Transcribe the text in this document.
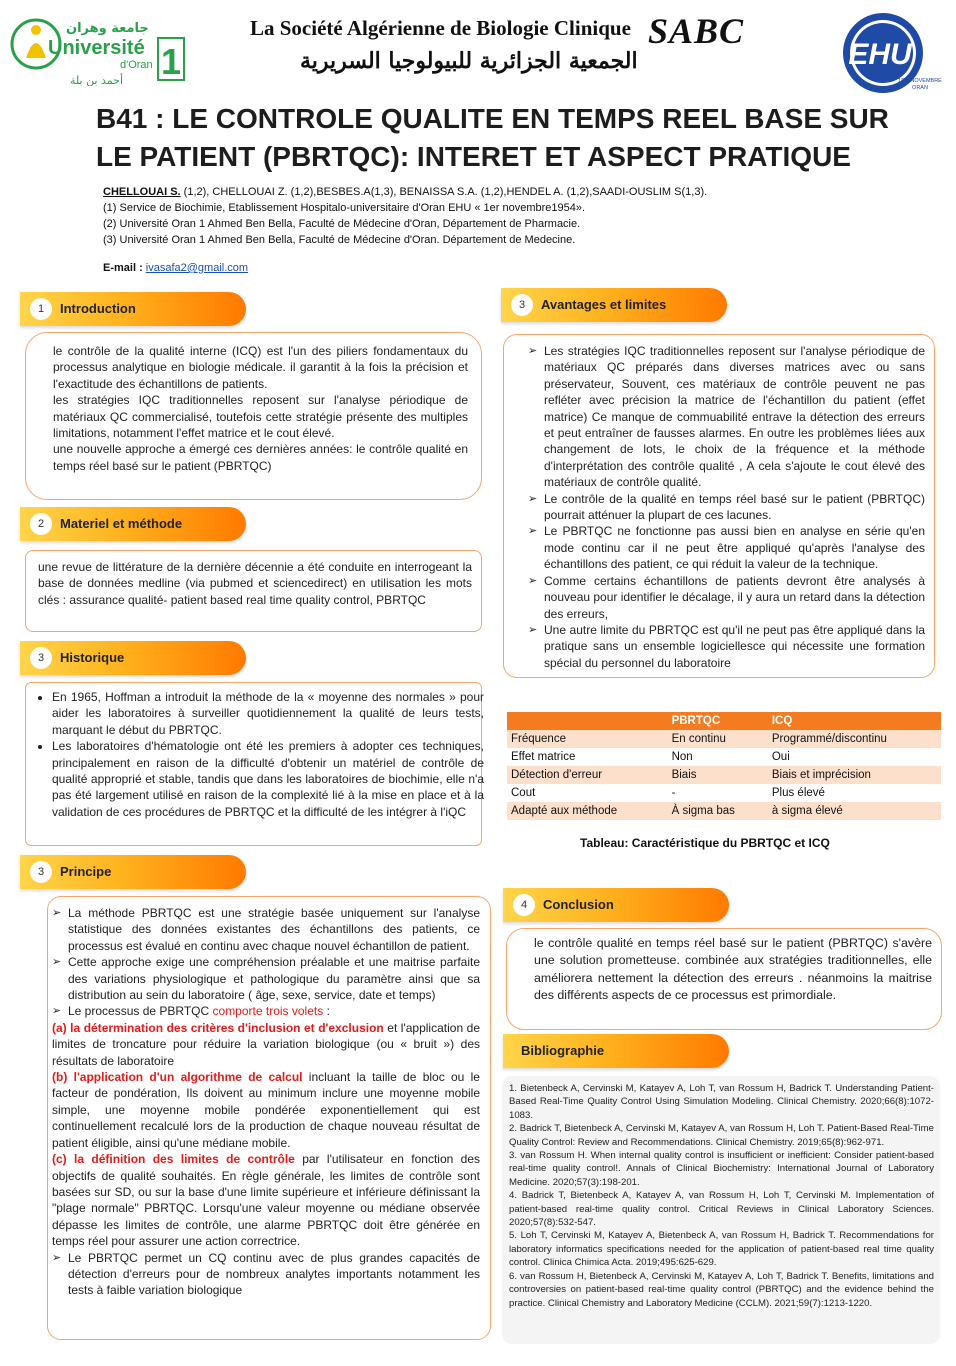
جامعة وهران
Université
d'Oran 1
أحمد بن بلة
La Société Algérienne de Biologie Clinique
الجمعية الجزائرية للبيولوجيا السريرية
SABC
EHU
1ER NOVEMBRE
ORAN
B41 : LE CONTROLE QUALITE EN TEMPS REEL BASE SUR
LE PATIENT (PBRTQC): INTERET ET ASPECT PRATIQUE
CHELLOUAI S. (1,2), CHELLOUAI Z. (1,2),BESBES.A(1,3), BENAISSA S.A. (1,2),HENDEL A. (1,2),SAADI-OUSLIM S(1,3).
(1) Service de Biochimie, Etablissement Hospitalo-universitaire d'Oran EHU « 1er novembre1954».
(2) Université Oran 1 Ahmed Ben Bella, Faculté de Médecine d'Oran, Département de Pharmacie.
(3) Université Oran 1 Ahmed Ben Bella, Faculté de Médecine d'Oran. Département de Medecine.
E-mail : ivasafa2@gmail.com
1	Introduction
le contrôle de la qualité interne (ICQ) est l'un des piliers fondamentaux du processus analytique en biologie médicale. il garantit à la fois la précision et l'exactitude des échantillons de patients.
les stratégies IQC traditionnelles reposent sur l'analyse périodique de matériaux QC commercialisé, toutefois cette stratégie présente des multiples limitations, notamment l'effet matrice et le cout élevé.
une nouvelle approche a émergé ces dernières années: le contrôle qualité en temps réel basé sur le patient (PBRTQC)
2	Materiel et méthode
une revue de littérature de la dernière décennie a été conduite en interrogeant la base de données medline (via pubmed et sciencedirect) en utilisation les mots clés : assurance qualité- patient based real time quality control, PBRTQC
3	Historique
• En 1965, Hoffman a introduit la méthode de la « moyenne des normales » pour aider les laboratoires à surveiller quotidiennement la qualité de leurs tests, marquant le début du PBRTQC.
• Les laboratoires d'hématologie ont été les premiers à adopter ces techniques, principalement en raison de la difficulté d'obtenir un matériel de contrôle de qualité approprié et stable, tandis que dans les laboratoires de biochimie, elle n'a pas été largement utilisé en raison de la complexité lié à la mise en place et à la validation de ces procédures de PBRTQC et la difficulté de les intégrer à l'iQC
3	Principe
➢ La méthode PBRTQC est une stratégie basée uniquement sur l'analyse statistique des données existantes des échantillons des patients, ce processus est évalué en continu avec chaque nouvel échantillon de patient.
➢ Cette approche exige une compréhension préalable et une maitrise parfaite des variations physiologique et pathologique du paramètre ainsi que sa distribution au sein du laboratoire ( âge, sexe, service, date et temps)
➢ Le processus de PBRTQC comporte trois volets :
(a) la détermination des critères d'inclusion et d'exclusion et l'application de limites de troncature pour réduire la variation biologique (ou « bruit ») des résultats de laboratoire
(b) l'application d'un algorithme de calcul incluant la taille de bloc ou le facteur de pondération, Ils doivent au minimum inclure une moyenne mobile simple, une moyenne mobile pondérée exponentiellement qui est continuellement recalculé lors de la production de chaque nouveau résultat de patient éligible, ainsi qu'une médiane mobile.
(c) la définition des limites de contrôle par l'utilisateur en fonction des objectifs de qualité souhaités. En règle générale, les limites de contrôle sont basées sur SD, ou sur la base d'une limite supérieure et inférieure définissant la "plage normale" PBRTQC. Lorsqu'une valeur moyenne ou médiane observée dépasse les limites de contrôle, une alarme PBRTQC doit être générée en temps réel pour assurer une action correctrice.
➢ Le PBRTQC permet un CQ continu avec de plus grandes capacités de détection d'erreurs pour de nombreux analytes importants notamment les tests à faible variation biologique
3	Avantages et limites
➢ Les stratégies IQC traditionnelles reposent sur l'analyse périodique de matériaux QC préparés dans diverses matrices avec ou sans préservateur, Souvent, ces matériaux de contrôle peuvent ne pas refléter avec précision la matrice de l'échantillon du patient (effet matrice) Ce manque de commuabilité entrave la détection des erreurs et peut entraîner de fausses alarmes. En outre les problèmes liées aux changement de lots, le choix de la fréquence et la méthode d'interprétation des contrôle qualité , A cela s'ajoute le cout élevé des matériaux de contrôle qualité.
➢ Le contrôle de la qualité en temps réel basé sur le patient (PBRTQC) pourrait atténuer la plupart de ces lacunes.
➢ Le PBRTQC ne fonctionne pas aussi bien en analyse en série qu'en mode continu car il ne peut être appliqué qu'après l'analyse des échantillons des patient, ce qui réduit la valeur de la technique.
➢ Comme certains échantillons de patients devront être analysés à nouveau pour identifier le décalage, il y aura un retard dans la détection des erreurs,
➢ Une autre limite du PBRTQC est qu'il ne peut pas être appliqué dans la pratique sans un ensemble logiciellesce qui nécessite une formation spécial du personnel du laboratoire
	PBRTQC	ICQ
Fréquence	En continu	Programmé/discontinu
Effet matrice	Non	Oui
Détection d'erreur	Biais	Biais et imprécision
Cout	-	Plus élevé
Adapté aux méthode	À sigma bas	à sigma élevé
Tableau: Caractéristique du PBRTQC et ICQ
4	Conclusion
le contrôle qualité en temps réel basé sur le patient (PBRTQC) s'avère une solution prometteuse. combinée aux stratégies traditionnelles, elle améliorera nettement la détection des erreurs . néanmoins la maitrise des différents aspects de ce processus est primordiale.
Bibliographie

1. Bietenbeck A, Cervinski M, Katayev A, Loh T, van Rossum H, Badrick T. Understanding Patient-Based Real-Time Quality Control Using Simulation Modeling. Clinical Chemistry. 2020;66(8):1072-1083.

2. Badrick T, Bietenbeck A, Cervinski M, Katayev A, van Rossum H, Loh T. Patient-Based Real-Time Quality Control: Review and Recommendations. Clinical Chemistry. 2019;65(8):962-971.

3. van Rossum H. When internal quality control is insufficient or inefficient: Consider patient-based real-time quality control!. Annals of Clinical Biochemistry: International Journal of Laboratory Medicine. 2020;57(3):198-201.

4. Badrick T, Bietenbeck A, Katayev A, van Rossum H, Loh T, Cervinski M. Implementation of patient-based real-time quality control. Critical Reviews in Clinical Laboratory Sciences. 2020;57(8):532-547.

5. Loh T, Cervinski M, Katayev A, Bietenbeck A, van Rossum H, Badrick T. Recommendations for laboratory informatics specifications needed for the application of patient-based real time quality control. Clinica Chimica Acta. 2019;495:625-629.

6. van Rossum H, Bietenbeck A, Cervinski M, Katayev A, Loh T, Badrick T. Benefits, limitations and controversies on patient-based real-time quality control (PBRTQC) and the evidence behind the practice. Clinical Chemistry and Laboratory Medicine (CCLM). 2021;59(7):1213-1220.
